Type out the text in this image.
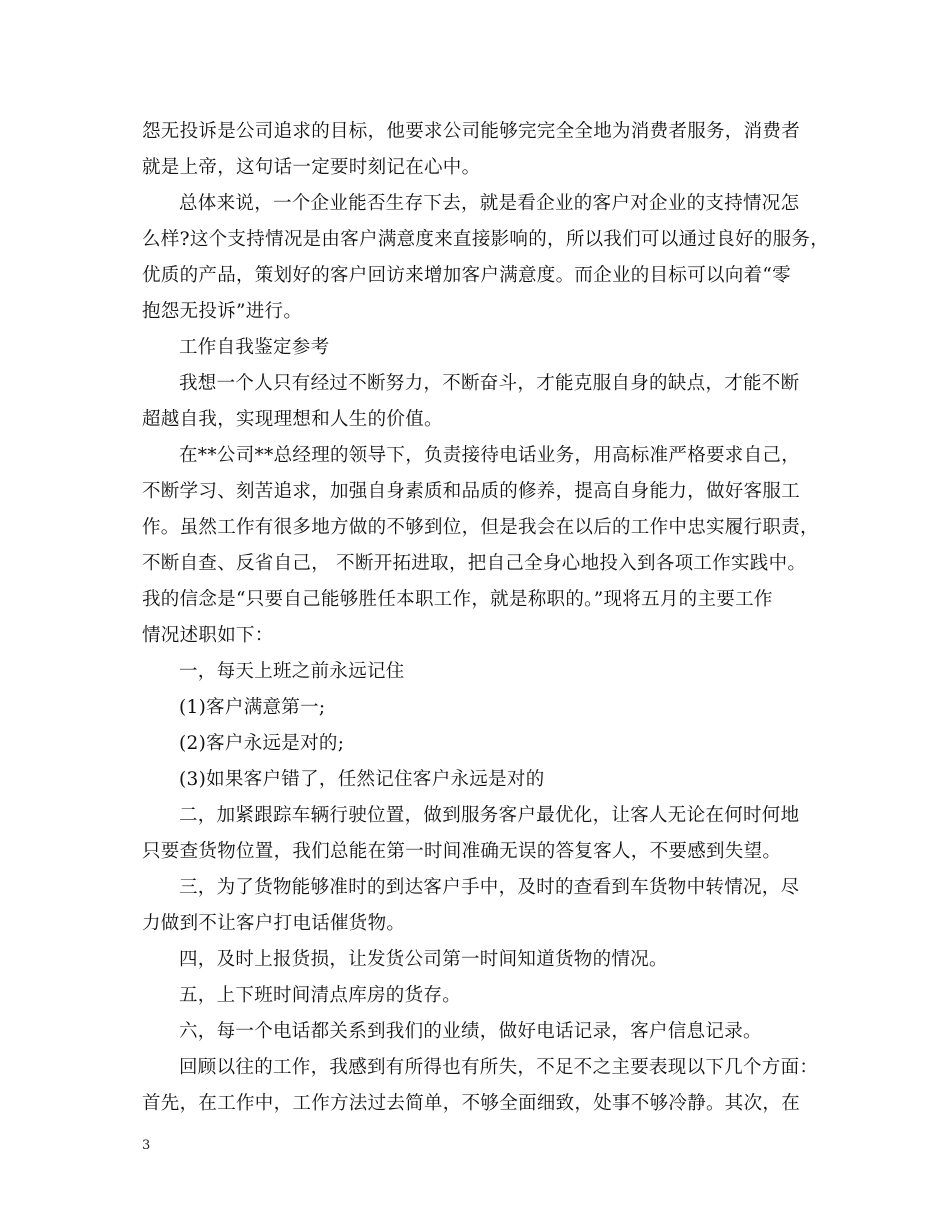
怨无投诉是公司追求的目标，他要求公司能够完完全全地为消费者服务，消费者
就是上帝，这句话一定要时刻记在心中。
总体来说，一个企业能否生存下去，就是看企业的客户对企业的支持情况怎
么样?这个支持情况是由客户满意度来直接影响的，所以我们可以通过良好的服务，
优质的产品，策划好的客户回访来增加客户满意度。而企业的目标可以向着“零
抱怨无投诉”进行。
工作自我鉴定参考
我想一个人只有经过不断努力，不断奋斗，才能克服自身的缺点，才能不断
超越自我，实现理想和人生的价值。
在**公司**总经理的领导下，负责接待电话业务，用高标准严格要求自己，
不断学习、刻苦追求，加强自身素质和品质的修养，提高自身能力，做好客服工
作。虽然工作有很多地方做的不够到位，但是我会在以后的工作中忠实履行职责，
不断自查、反省自己， 不断开拓进取，把自己全身心地投入到各项工作实践中。
我的信念是“只要自己能够胜任本职工作，就是称职的。”现将五月的主要工作
情况述职如下：
一，每天上班之前永远记住
(1)客户满意第一;
(2)客户永远是对的;
(3)如果客户错了，任然记住客户永远是对的
二，加紧跟踪车辆行驶位置，做到服务客户最优化，让客人无论在何时何地
只要查货物位置，我们总能在第一时间准确无误的答复客人，不要感到失望。
三，为了货物能够准时的到达客户手中，及时的查看到车货物中转情况，尽
力做到不让客户打电话催货物。
四，及时上报货损，让发货公司第一时间知道货物的情况。
五，上下班时间清点库房的货存。
六，每一个电话都关系到我们的业绩，做好电话记录，客户信息记录。
回顾以往的工作，我感到有所得也有所失，不足不之主要表现以下几个方面：
首先，在工作中，工作方法过去简单，不够全面细致，处事不够冷静。其次，在
3
